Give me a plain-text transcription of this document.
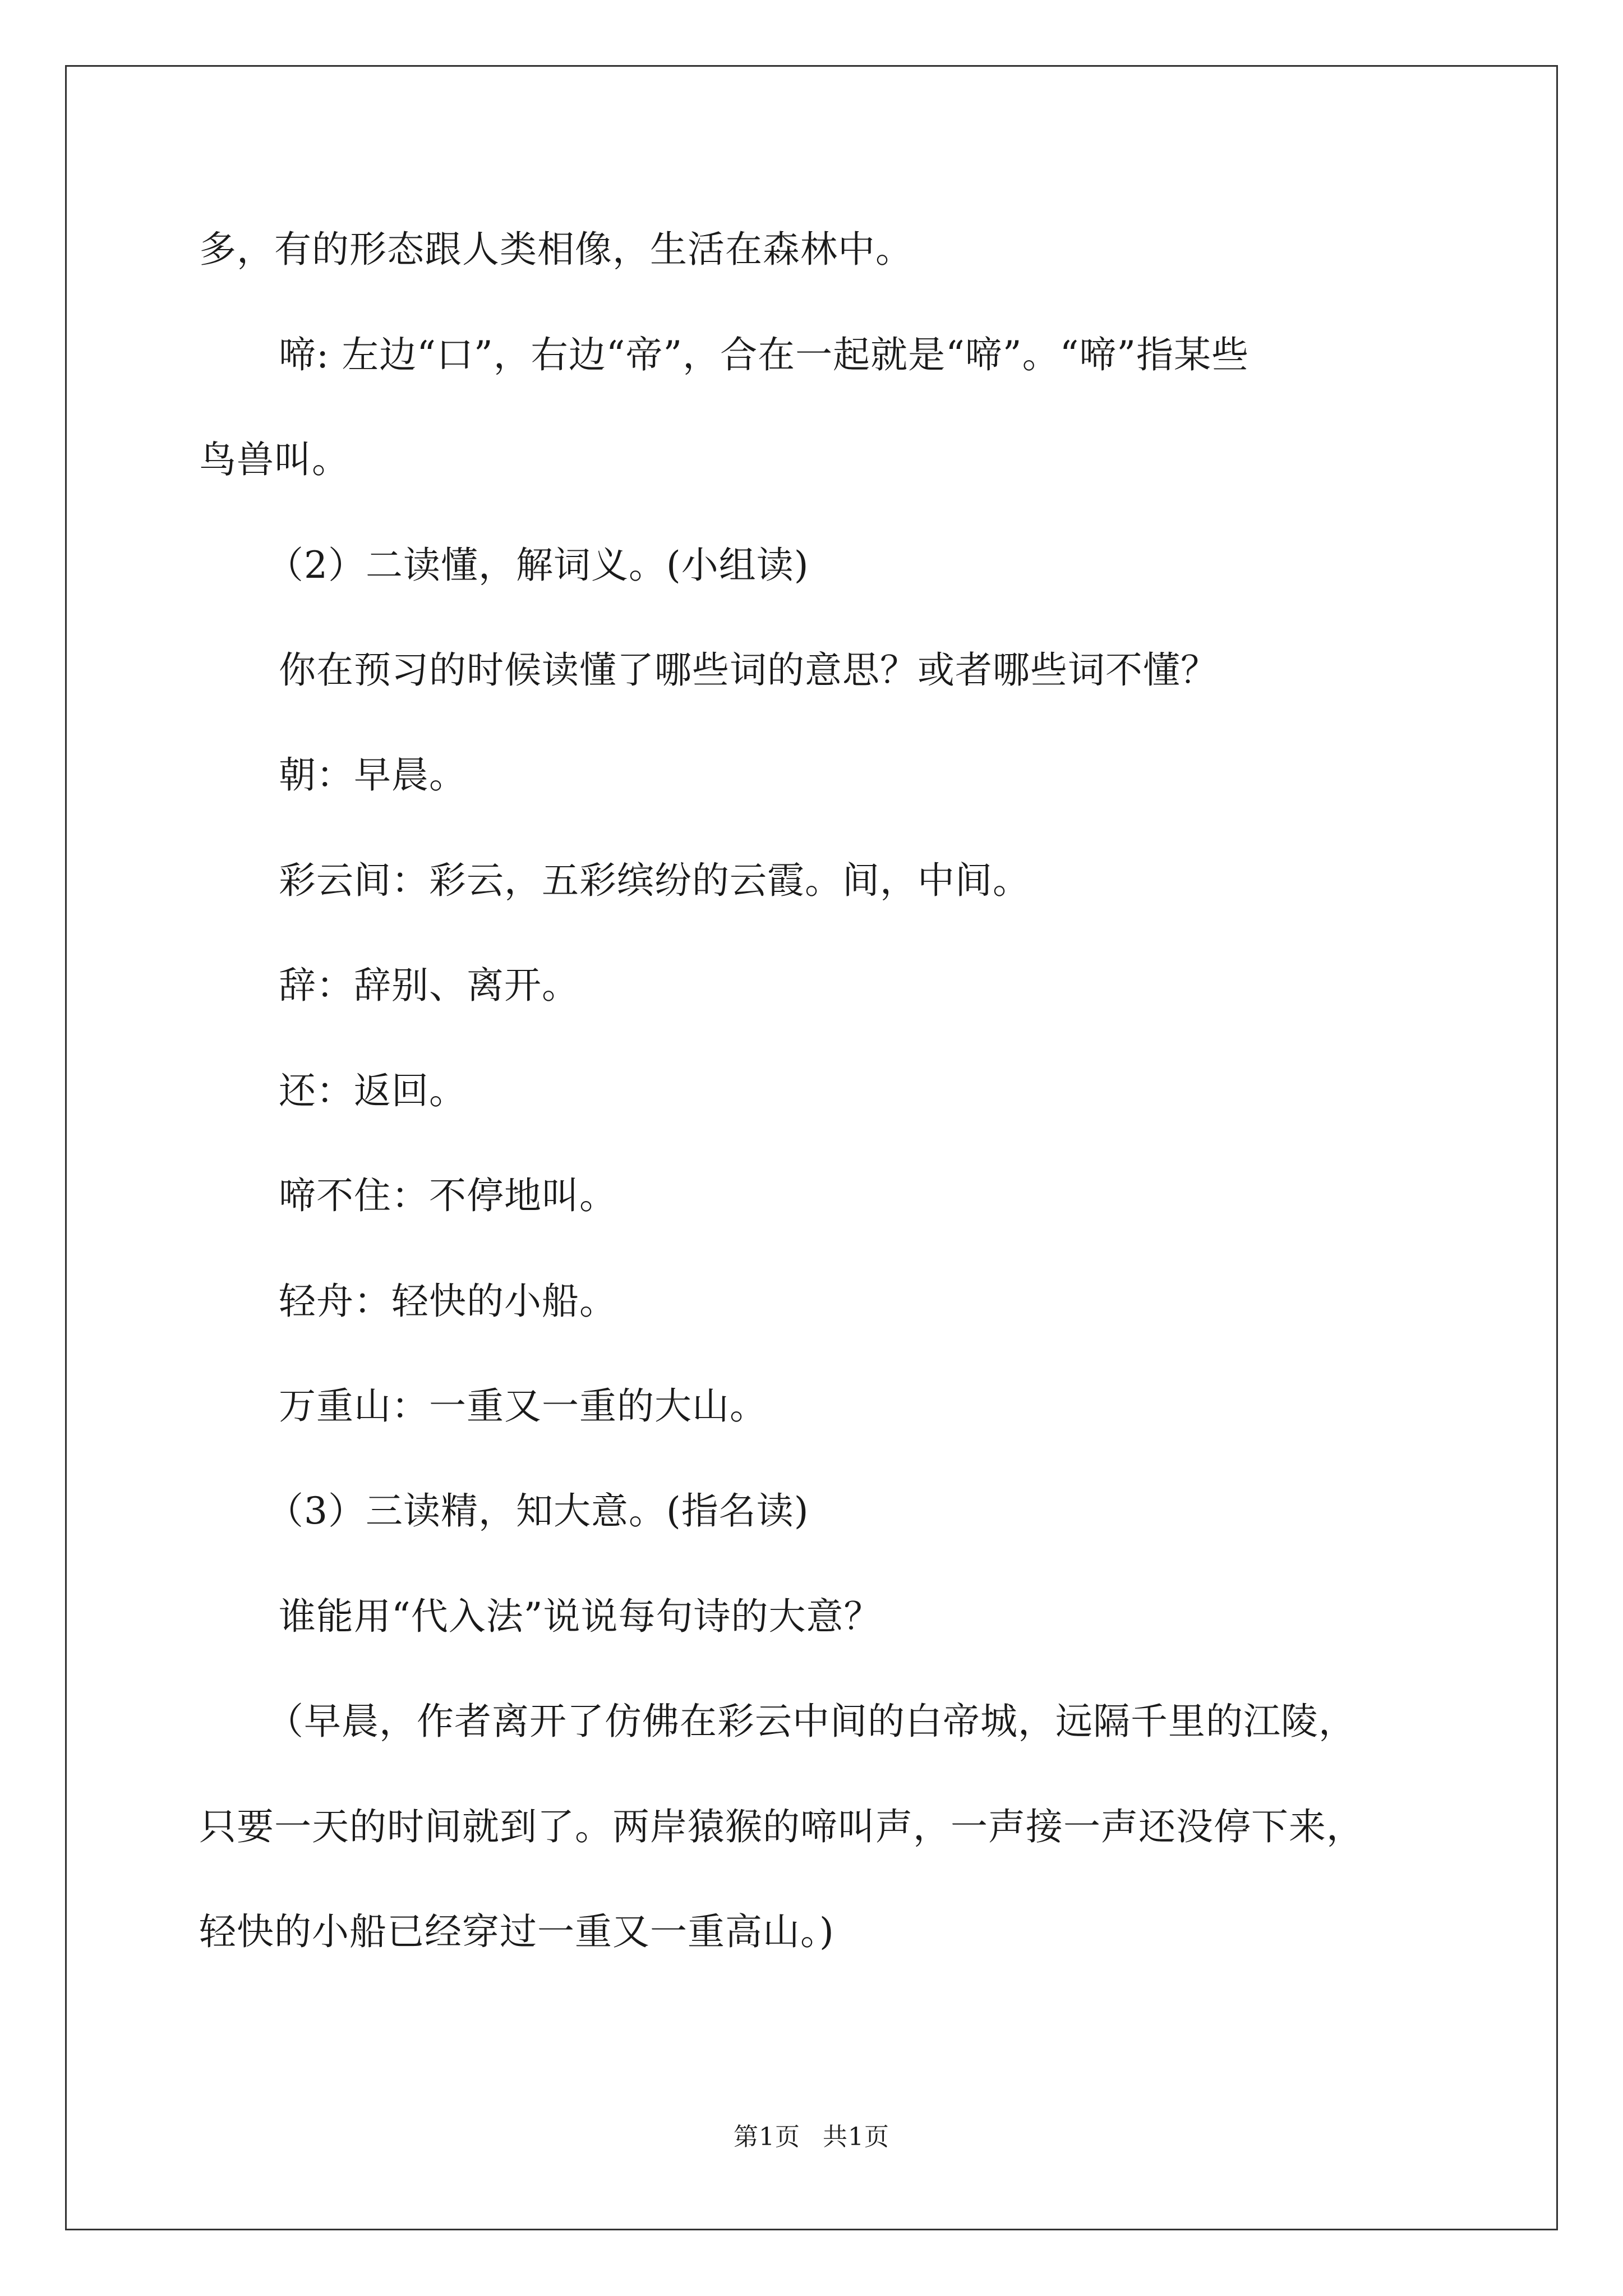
多，有的形态跟人类相像，生活在森林中。
啼: 左边“口”，右边“帝”，合在一起就是“啼”。“啼”指某些
鸟兽叫。
（2）二读懂，解词义。(小组读)
你在预习的时候读懂了哪些词的意思？或者哪些词不懂？
朝：早晨。
彩云间：彩云，五彩缤纷的云霞。间，中间。
辞：辞别、离开。
还：返回。
啼不住：不停地叫。
轻舟：轻快的小船。
万重山：一重又一重的大山。
（3）三读精，知大意。(指名读)
谁能用“代入法”说说每句诗的大意？
（早晨，作者离开了仿佛在彩云中间的白帝城，远隔千里的江陵，
只要一天的时间就到了。两岸猿猴的啼叫声，一声接一声还没停下来，
轻快的小船已经穿过一重又一重高山。)
第1页 共1页
